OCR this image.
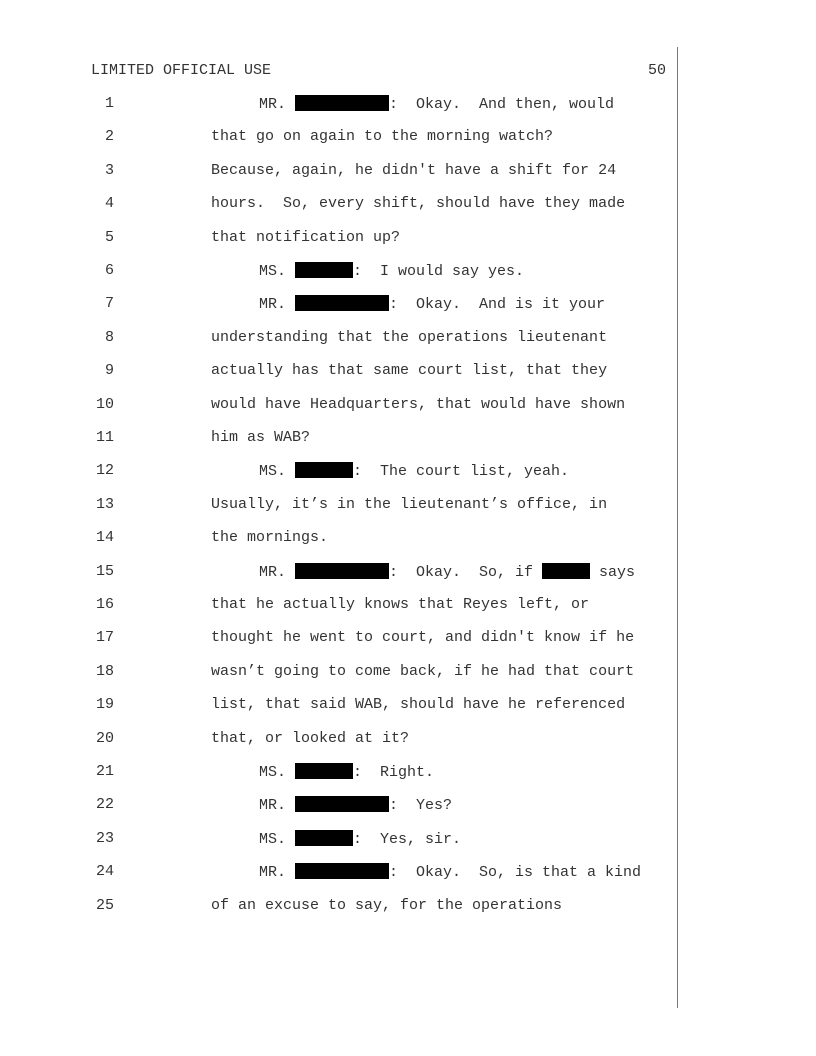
LIMITED OFFICIAL USE	50
1	MR.	:  Okay.  And then, would
2	that go on again to the morning watch?
3	Because, again, he didn't have a shift for 24
4	hours.  So, every shift, should have they made
5	that notification up?
6	MS.	:  I would say yes.
7	MR.	:  Okay.  And is it your
8	understanding that the operations lieutenant
9	actually has that same court list, that they
10	would have Headquarters, that would have shown
11	him as WAB?
12	MS.	:  The court list, yeah.
13	Usually, it’s in the lieutenant’s office, in
14	the mornings.
15	MR.	:  Okay.  So, if	says
16	that he actually knows that Reyes left, or
17	thought he went to court, and didn't know if he
18	wasn’t going to come back, if he had that court
19	list, that said WAB, should have he referenced
20	that, or looked at it?
21	MS.	:  Right.
22	MR.	:  Yes?
23	MS.	:  Yes, sir.
24	MR.	:  Okay.  So, is that a kind
25	of an excuse to say, for the operations
